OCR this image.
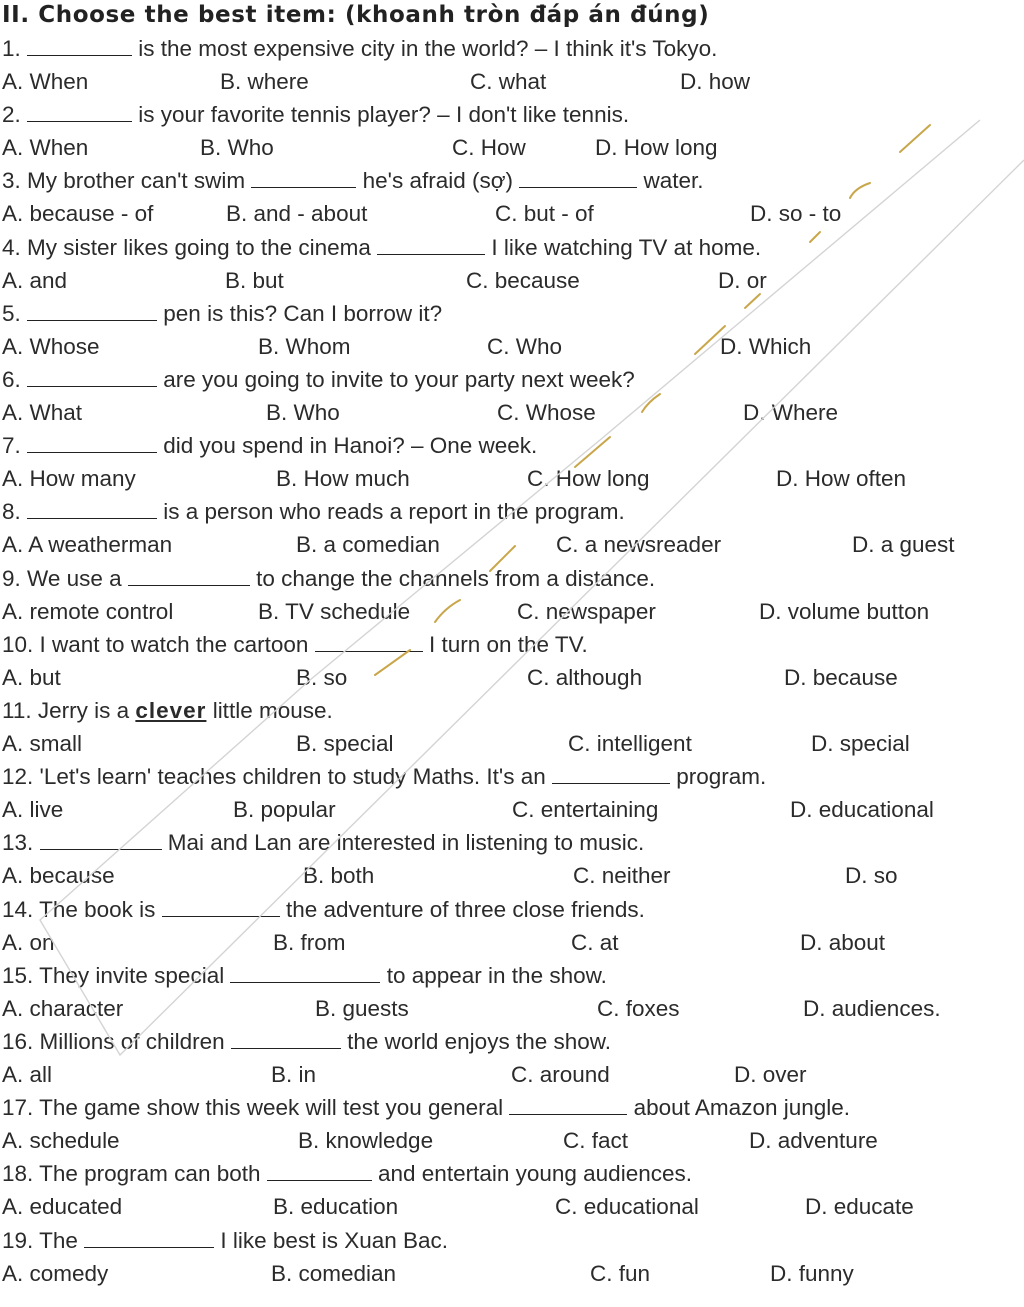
II. Choose the best item: (khoanh tròn đáp án đúng)
1.	is the most expensive city in the world? – I think it's Tokyo.
A. When	B. where	C. what	D. how
2.	is your favorite tennis player? – I don't like tennis.
A. When	B. Who	C. How	D. How long
3. My brother can't swim	he's afraid (sợ)	water.
A. because - of	B. and - about	C. but - of	D. so - to
4. My sister likes going to the cinema	I like watching TV at home.
A. and	B. but	C. because	D. or
5.	pen is this? Can I borrow it?
A. Whose	B. Whom	C. Who	D. Which
6.	are you going to invite to your party next week?
A. What	B. Who	C. Whose	D. Where
7.	did you spend in Hanoi? – One week.
A. How many	B. How much	C. How long	D. How often
8.	is a person who reads a report in the program.
A. A weatherman	B. a comedian	C. a newsreader	D. a guest
9. We use a	to change the channels from a distance.
A. remote control	B. TV schedule	C. newspaper	D. volume button
10. I want to watch the cartoon	I turn on the TV.
A. but	B. so	C. although	D. because
11. Jerry is a clever little mouse.
A. small	B. special	C. intelligent	D. special
12. 'Let's learn' teaches children to study Maths. It's an	program.
A. live	B. popular	C. entertaining	D. educational
13.	Mai and Lan are interested in listening to music.
A. because	B. both	C. neither	D. so
14. The book is	the adventure of three close friends.
A. on	B. from	C. at	D. about
15. They invite special	to appear in the show.
A. character	B. guests	C. foxes	D. audiences.
16. Millions of children	the world enjoys the show.
A. all	B. in	C. around	D. over
17. The game show this week will test you general	about Amazon jungle.
A. schedule	B. knowledge	C. fact	D. adventure
18. The program can both	and entertain young audiences.
A. educated	B. education	C. educational	D. educate
19. The	I like best is Xuan Bac.
A. comedy	B. comedian	C. fun	D. funny
